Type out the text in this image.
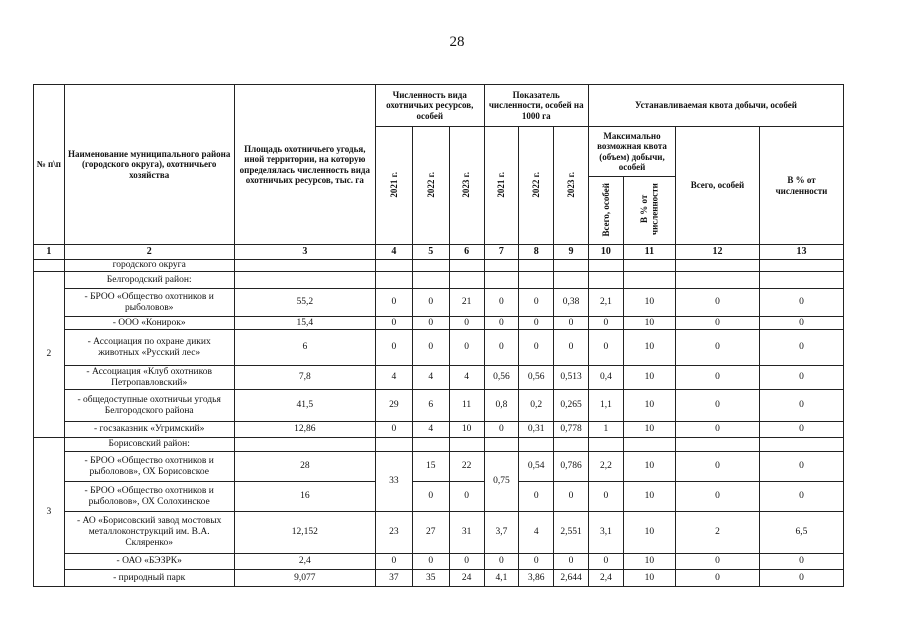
28
№ п\п	Наименование муниципального района (городского округа), охотничьего хозяйства	Площадь охотничьего угодья, иной территории, на которую определялась численность вида охотничьих ресурсов, тыс. га	Численность вида охотничьих ресурсов, особей			Показатель численности, особей на 1000 га			Устанавливаемая квота добычи, особей			
			2021 г.	2022 г.	2023 г.	2021 г.	2022 г.	2023 г.	Максимально возможная квота (объем) добычи, особей		Всего, особей	В % от численности
									Всего, особей	В % от численности		
1	2	3	4	5	6	7	8	9	10	11	12	13
	городского округа											
2	Белгородский район:											
	- БРОО «Общество охотников и рыболовов»	55,2	0	0	21	0	0	0,38	2,1	10	0	0
	- ООО «Конирок»	15,4	0	0	0	0	0	0	0	10	0	0
	- Ассоциация по охране диких животных «Русский лес»	6	0	0	0	0	0	0	0	10	0	0
	- Ассоциация «Клуб охотников Петропавловский»	7,8	4	4	4	0,56	0,56	0,513	0,4	10	0	0
	- общедоступные охотничьи угодья Белгородского района	41,5	29	6	11	0,8	0,2	0,265	1,1	10	0	0
	- госзаказник «Угримский»	12,86	0	4	10	0	0,31	0,778	1	10	0	0
3	Борисовский район:											
	- БРОО «Общество охотников и рыболовов», ОХ Борисовское	28	33	15	22	0,75	0,54	0,786	2,2	10	0	0
	- БРОО «Общество охотников и рыболовов», ОХ Солохинское	16		0	0		0	0	0	10	0	0
	- АО «Борисовский завод мостовых металлоконструкций им. В.А. Скляренко»	12,152	23	27	31	3,7	4	2,551	3,1	10	2	6,5
	- ОАО «БЭЗРК»	2,4	0	0	0	0	0	0	0	10	0	0
	- природный парк	9,077	37	35	24	4,1	3,86	2,644	2,4	10	0	0
